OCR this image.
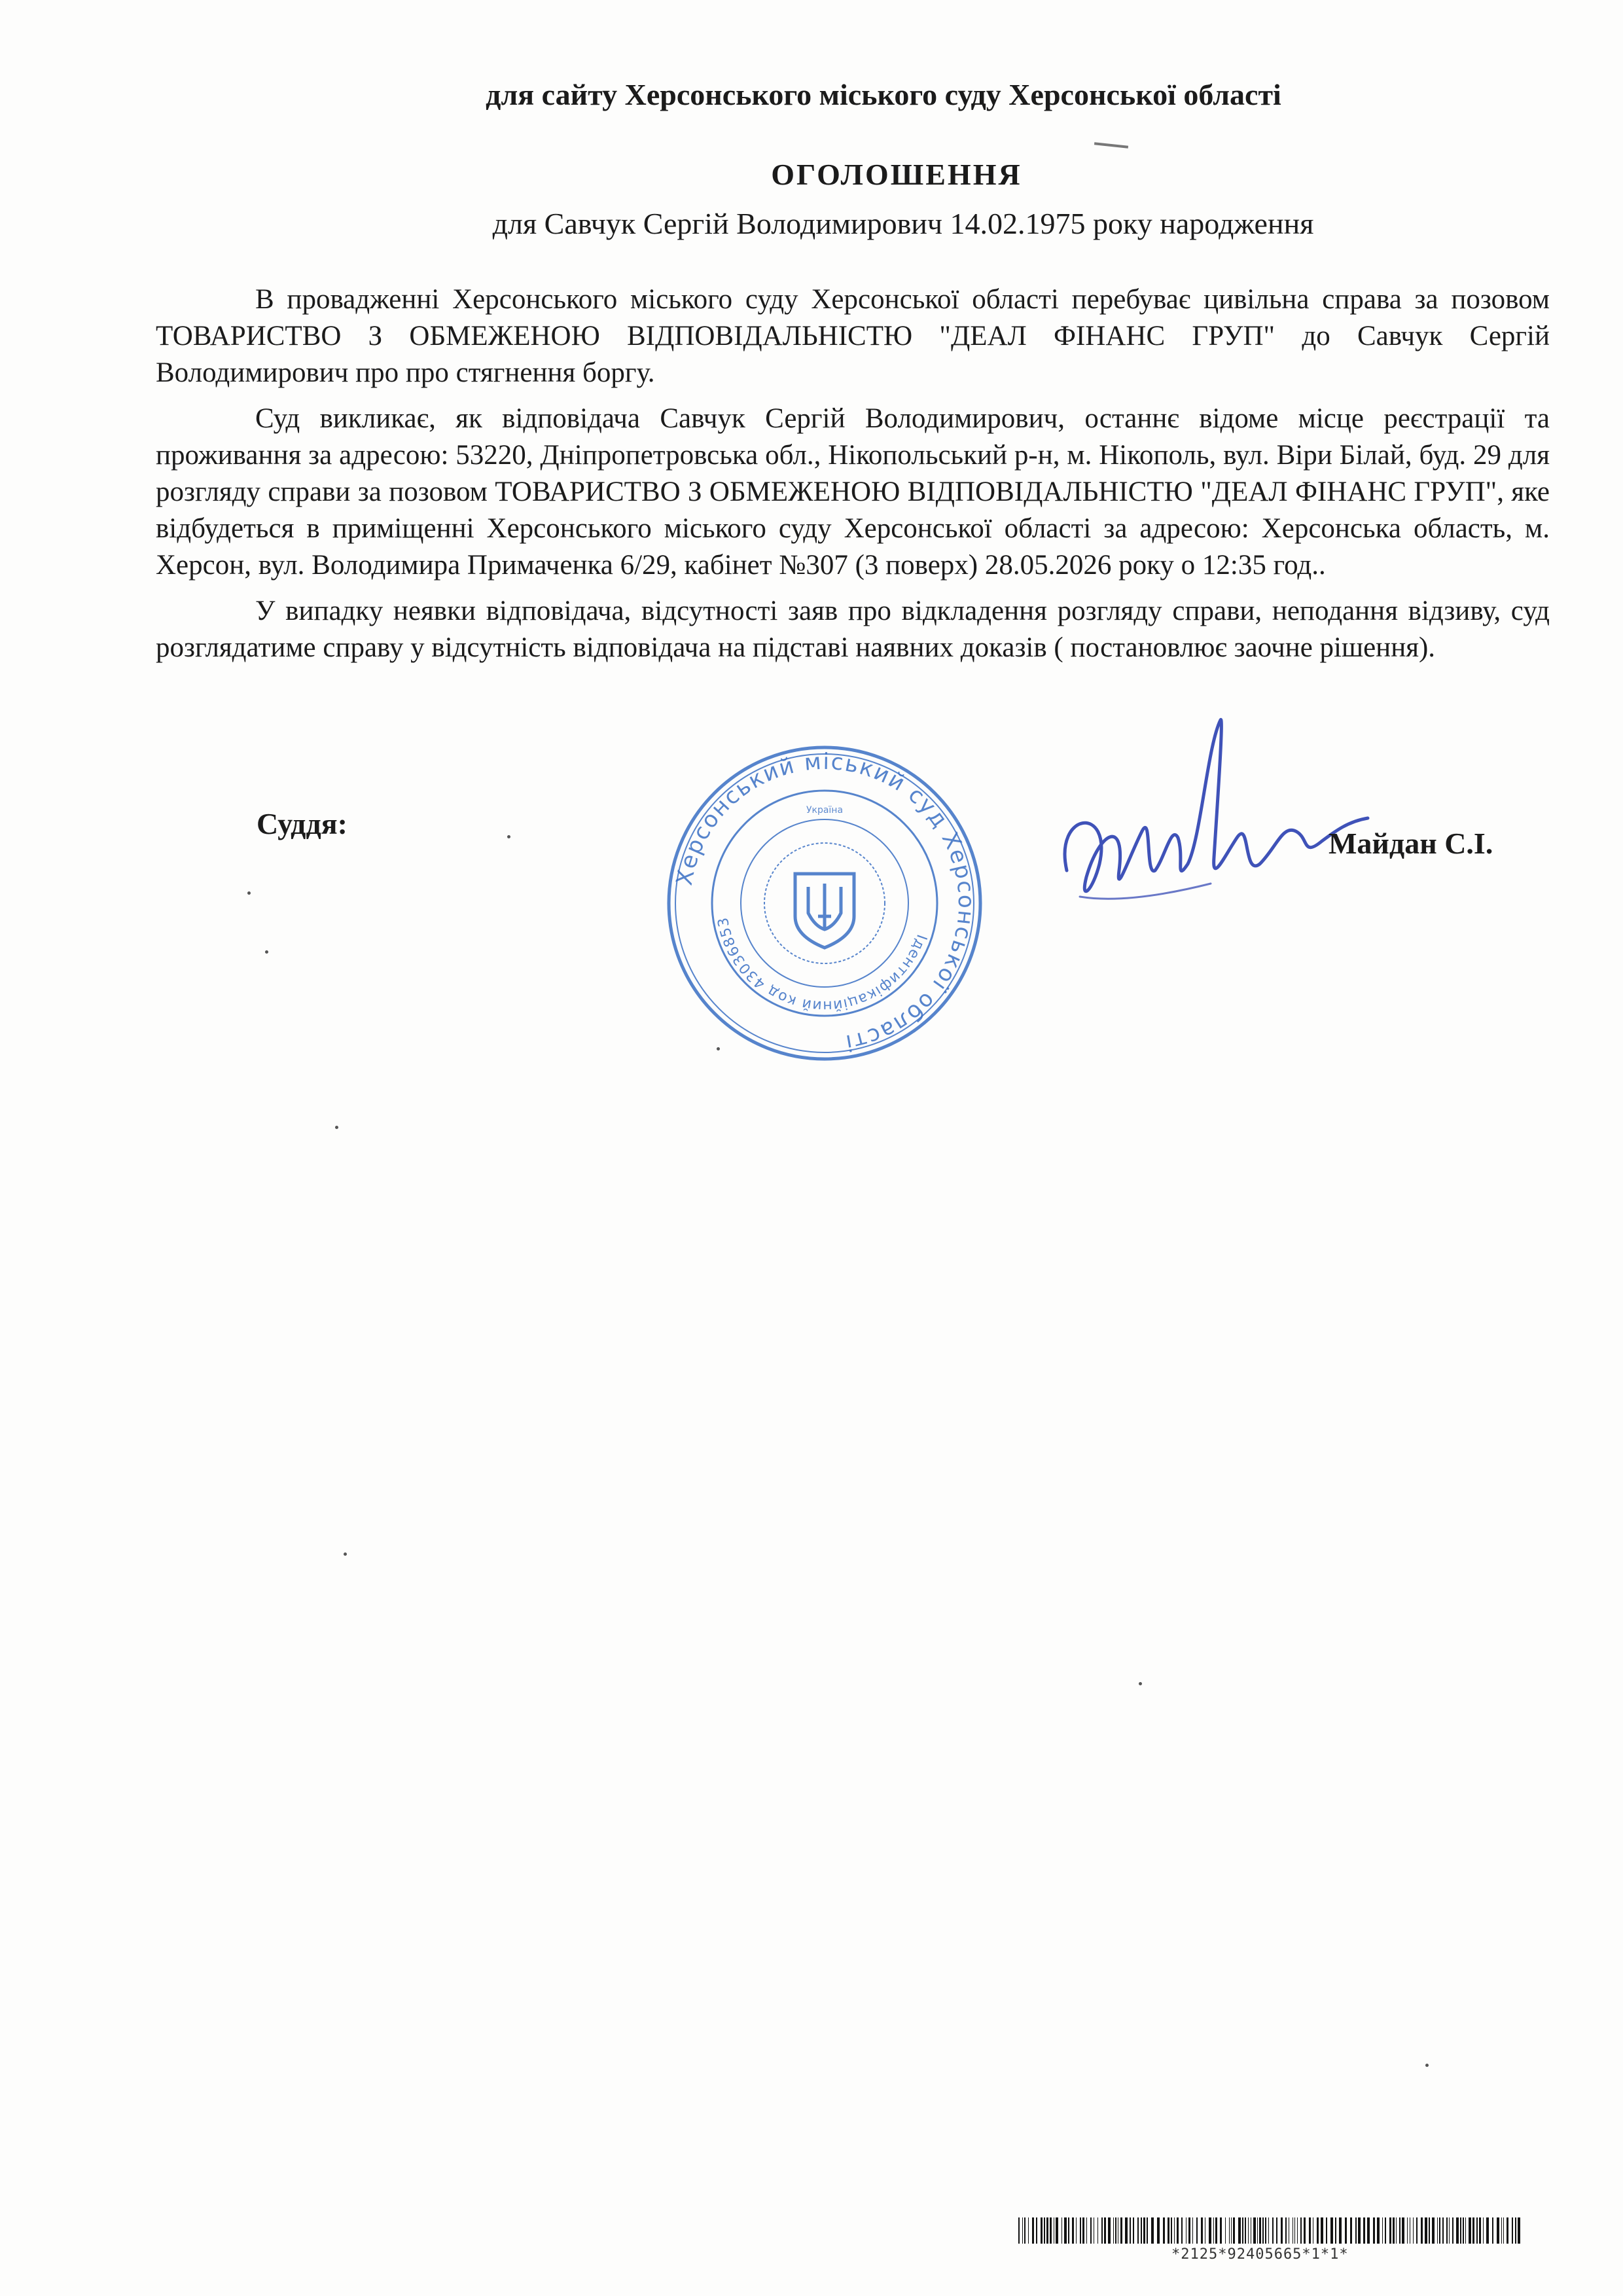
для сайту Херсонського міського суду Херсонської області
ОГОЛОШЕННЯ
для Савчук Сергій Володимирович 14.02.1975 року народження

В провадженні Херсонського міського суду Херсонської області перебуває цивільна справа за позовом ТОВАРИСТВО З ОБМЕЖЕНОЮ ВІДПОВІДАЛЬНІСТЮ "ДЕАЛ ФІНАНС ГРУП" до Савчук Сергій Володимирович про про стягнення боргу.

Суд викликає, як відповідача Савчук Сергій Володимирович, останнє відоме місце реєстрації та проживання за адресою: 53220, Дніпропетровська обл., Нікопольський р-н, м. Нікополь, вул. Віри Білай, буд. 29 для розгляду справи за позовом ТОВАРИСТВО З ОБМЕЖЕНОЮ ВІДПОВІДАЛЬНІСТЮ "ДЕАЛ ФІНАНС ГРУП", яке відбудеться в приміщенні Херсонського міського суду Херсонської області за адресою: Херсонська область, м. Херсон, вул. Володимира Примаченка 6/29, кабінет №307 (3 поверх) 28.05.2026 року о 12:35 год..

У випадку неявки відповідача, відсутності заяв про відкладення розгляду справи, неподання відзиву, суд розглядатиме справу у відсутність відповідача на підставі наявних доказів ( постановлює заочне рішення).

Суддя:
Херсонський міський суд Херсонської області
Ідентифікаційний код 43036853
Україна
Майдан С.І.
*2125*92405665*1*1*
